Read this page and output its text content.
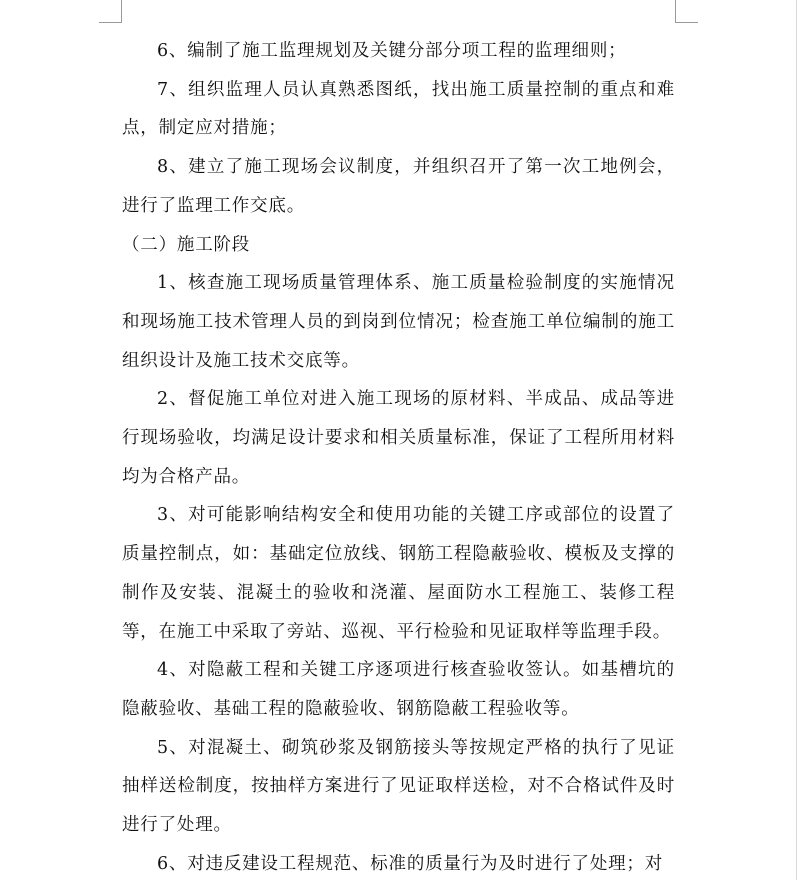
6、编制了施工监理规划及关键分部分项工程的监理细则；

7、组织监理人员认真熟悉图纸，找出施工质量控制的重点和难点，制定应对措施；

8、建立了施工现场会议制度，并组织召开了第一次工地例会，进行了监理工作交底。

（二）施工阶段

1、核查施工现场质量管理体系、施工质量检验制度的实施情况和现场施工技术管理人员的到岗到位情况；检查施工单位编制的施工组织设计及施工技术交底等。

2、督促施工单位对进入施工现场的原材料、半成品、成品等进行现场验收，均满足设计要求和相关质量标准，保证了工程所用材料均为合格产品。

3、对可能影响结构安全和使用功能的关键工序或部位的设置了质量控制点，如：基础定位放线、钢筋工程隐蔽验收、模板及支撑的制作及安装、混凝土的验收和浇灌、屋面防水工程施工、装修工程等，在施工中采取了旁站、巡视、平行检验和见证取样等监理手段。

4、对隐蔽工程和关键工序逐项进行核查验收签认。如基槽坑的隐蔽验收、基础工程的隐蔽验收、钢筋隐蔽工程验收等。

5、对混凝土、砌筑砂浆及钢筋接头等按规定严格的执行了见证抽样送检制度，按抽样方案进行了见证取样送检，对不合格试件及时进行了处理。

6、对违反建设工程规范、标准的质量行为及时进行了处理；对
